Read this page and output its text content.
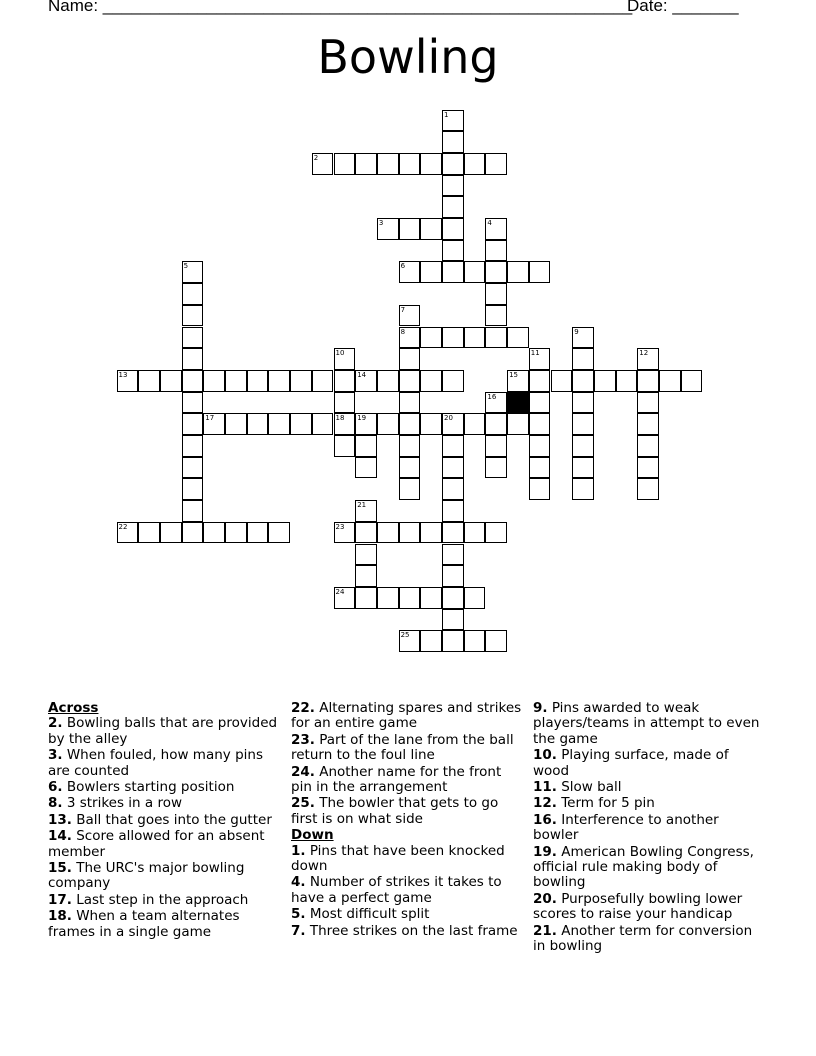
Name: ________________________________________________________
Date: _______
Bowling
1
2
3	4
5	6
7
8	9
10	11	12
13	14	15
16
17	18 19	20
21
22	23
24
25
Across
2. Bowling balls that are provided by the alley
3. When fouled, how many pins are counted
6. Bowlers starting position
8. 3 strikes in a row
13. Ball that goes into the gutter
14. Score allowed for an absent member
15. The URC's major bowling company
17. Last step in the approach
18. When a team alternates frames in a single game
22. Alternating spares and strikes for an entire game
23. Part of the lane from the ball return to the foul line
24. Another name for the front pin in the arrangement
25. The bowler that gets to go first is on what side
Down
1. Pins that have been knocked down
4. Number of strikes it takes to have a perfect game
5. Most difficult split
7. Three strikes on the last frame
9. Pins awarded to weak players/teams in attempt to even the game
10. Playing surface, made of wood
11. Slow ball
12. Term for 5 pin
16. Interference to another bowler
19. American Bowling Congress, official rule making body of bowling
20. Purposefully bowling lower scores to raise your handicap
21. Another term for conversion in bowling
